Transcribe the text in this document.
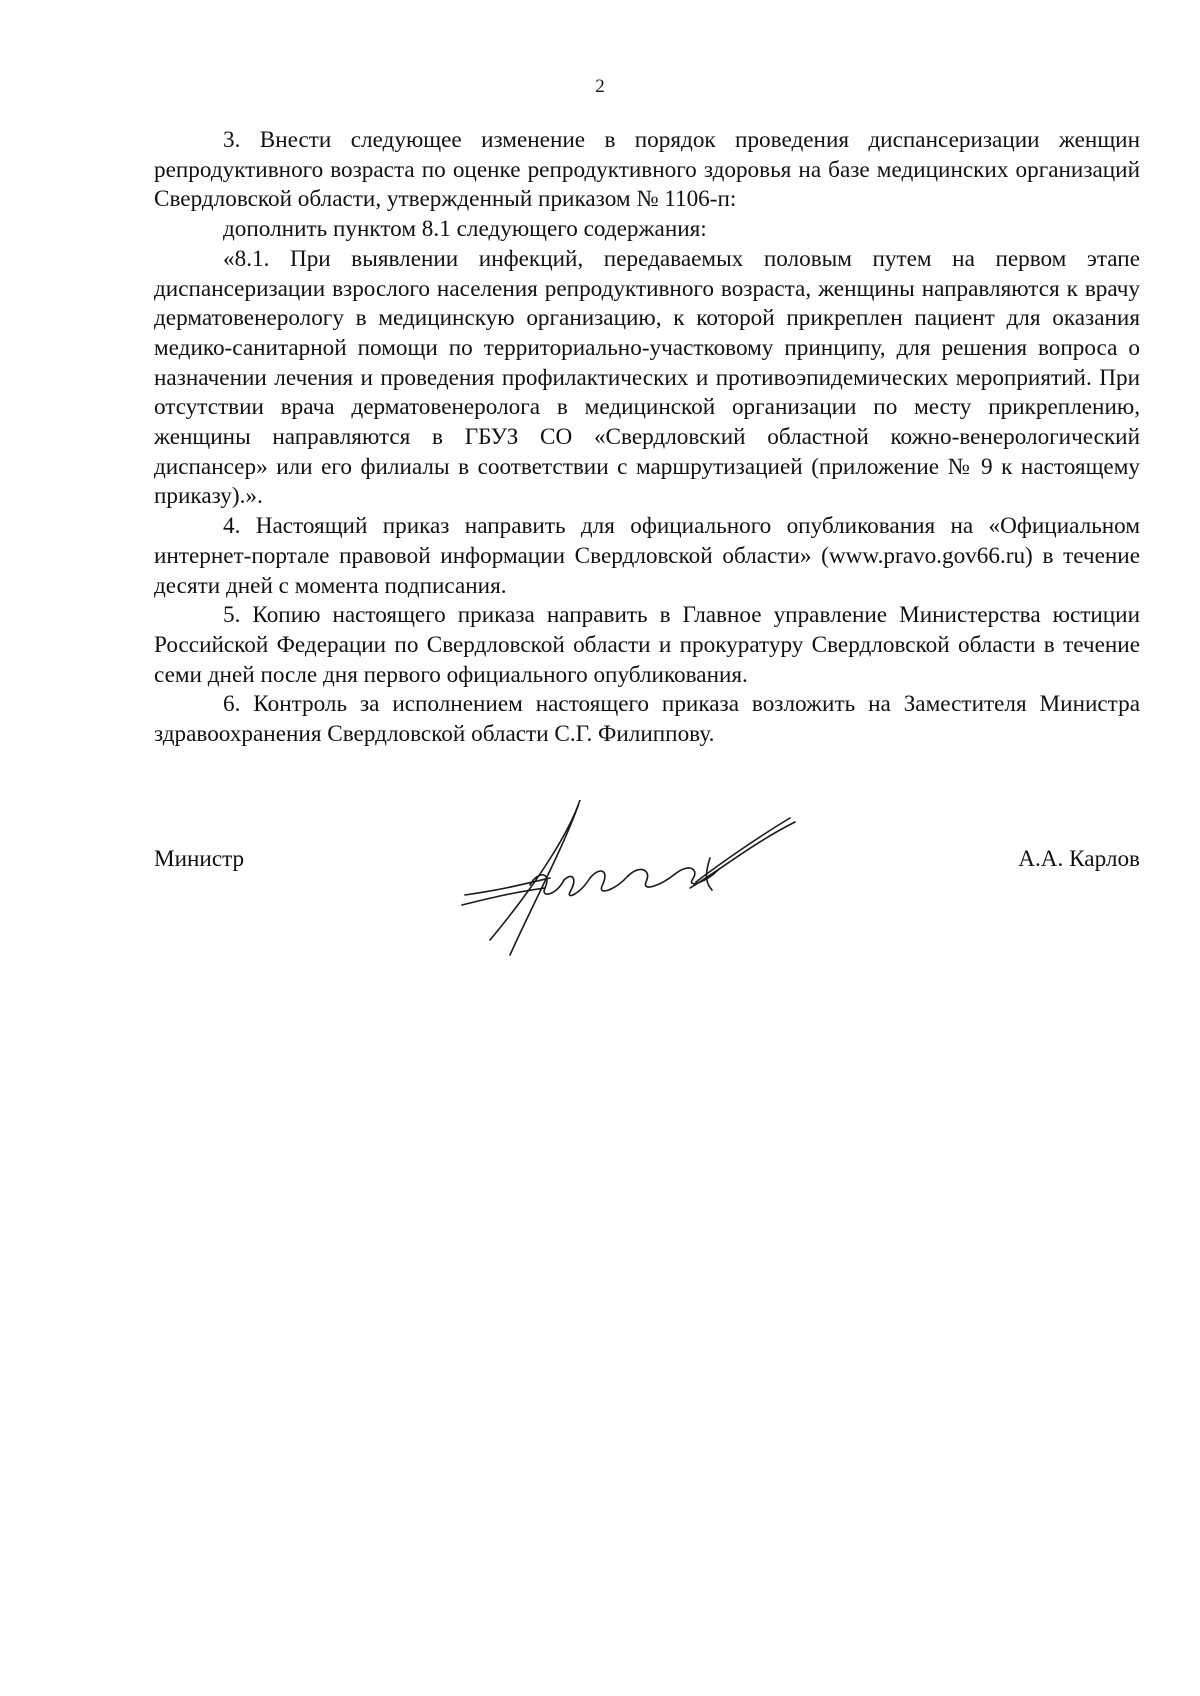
2

3. Внести следующее изменение в порядок проведения диспансеризации женщин репродуктивного возраста по оценке репродуктивного здоровья на базе медицинских организаций Свердловской области, утвержденный приказом № 1106-п:

дополнить пунктом 8.1 следующего содержания:

«8.1. При выявлении инфекций, передаваемых половым путем на первом этапе диспансеризации взрослого населения репродуктивного возраста, женщины направляются к врачу дерматовенерологу в медицинскую организацию, к которой прикреплен пациент для оказания медико-санитарной помощи по территориально-участковому принципу, для решения вопроса о назначении лечения и проведения профилактических и противоэпидемических мероприятий. При отсутствии врача дерматовенеролога в медицинской организации по месту прикреплению, женщины направляются в ГБУЗ СО «Свердловский областной кожно-венерологический диспансер» или его филиалы в соответствии с маршрутизацией (приложение № 9 к настоящему приказу).».

4. Настоящий приказ направить для официального опубликования на «Официальном интернет-портале правовой информации Свердловской области» (www.pravo.gov66.ru) в течение десяти дней с момента подписания.

5. Копию настоящего приказа направить в Главное управление Министерства юстиции Российской Федерации по Свердловской области и прокуратуру Свердловской области в течение семи дней после дня первого официального опубликования.

6. Контроль за исполнением настоящего приказа возложить на Заместителя Министра здравоохранения Свердловской области С.Г. Филиппову.

Министр	А.А. Карлов
